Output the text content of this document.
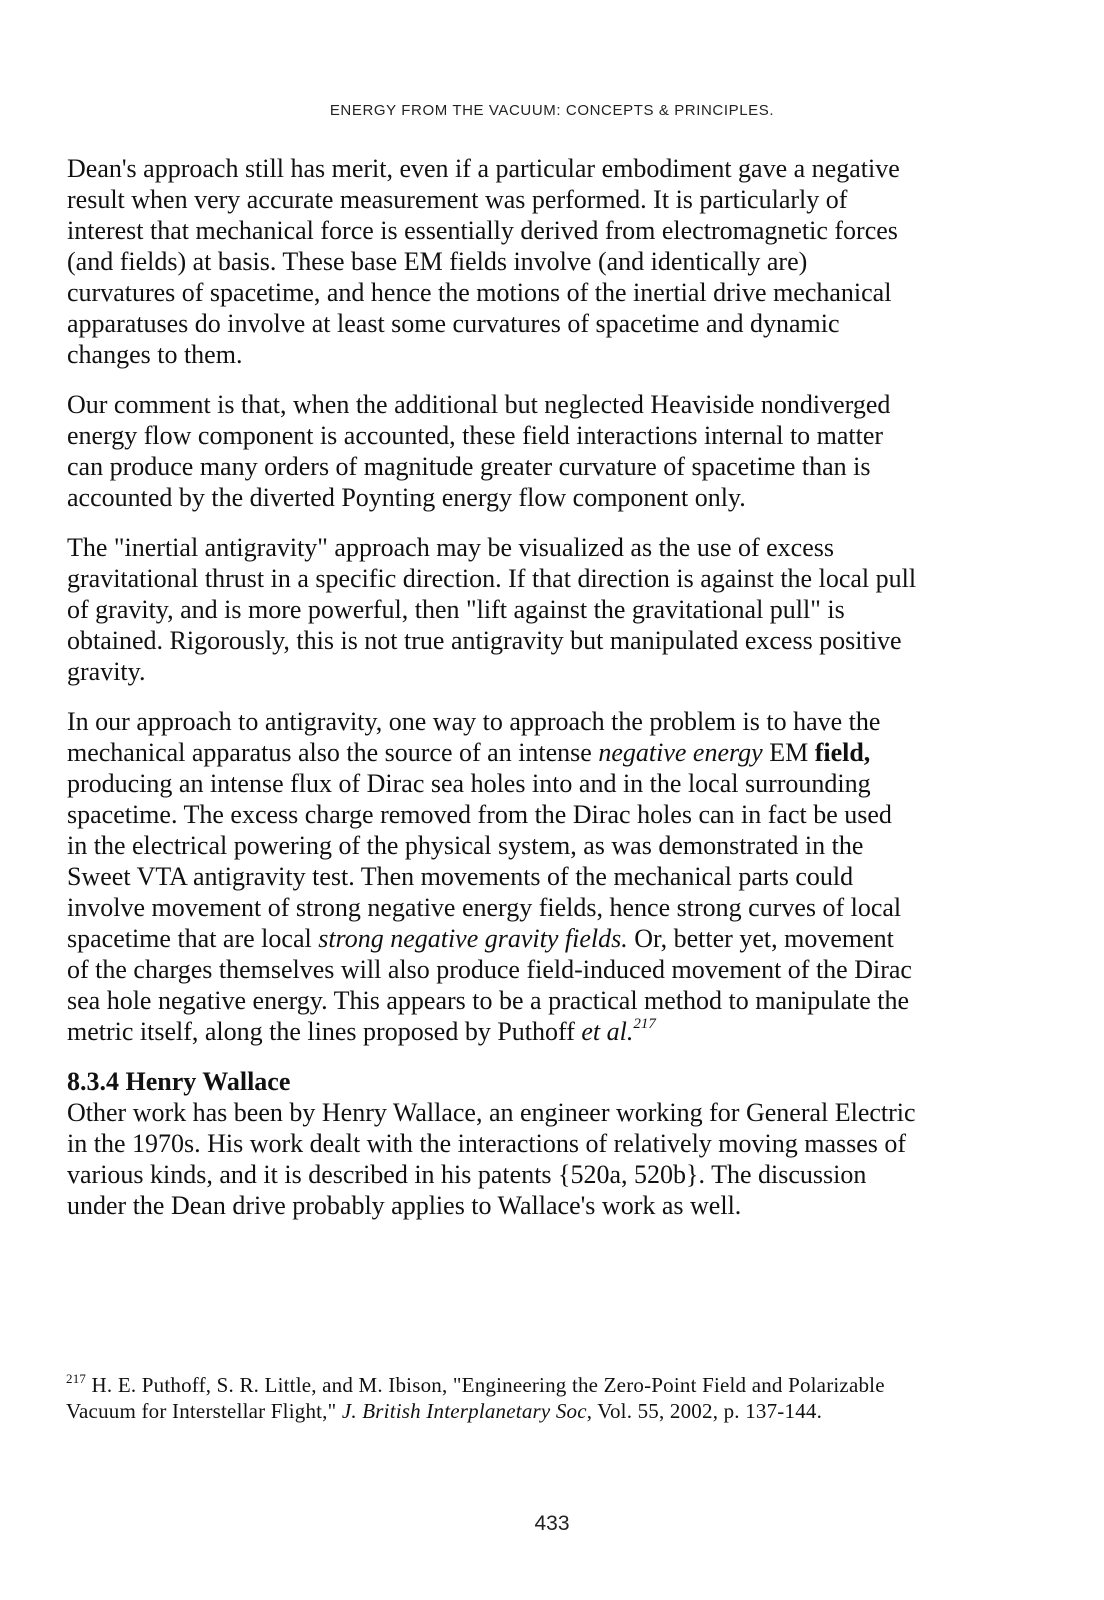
ENERGY FROM THE VACUUM: CONCEPTS & PRINCIPLES.

Dean's approach still has merit, even if a particular embodiment gave a negative result when very accurate measurement was performed. It is particularly of interest that mechanical force is essentially derived from electromagnetic forces (and fields) at basis. These base EM fields involve (and identically are) curvatures of spacetime, and hence the motions of the inertial drive mechanical apparatuses do involve at least some curvatures of spacetime and dynamic changes to them.

Our comment is that, when the additional but neglected Heaviside nondiverged energy flow component is accounted, these field interactions internal to matter can produce many orders of magnitude greater curvature of spacetime than is accounted by the diverted Poynting energy flow component only.

The "inertial antigravity" approach may be visualized as the use of excess gravitational thrust in a specific direction. If that direction is against the local pull of gravity, and is more powerful, then "lift against the gravitational pull" is obtained. Rigorously, this is not true antigravity but manipulated excess positive gravity.

In our approach to antigravity, one way to approach the problem is to have the mechanical apparatus also the source of an intense negative energy EM field, producing an intense flux of Dirac sea holes into and in the local surrounding spacetime. The excess charge removed from the Dirac holes can in fact be used in the electrical powering of the physical system, as was demonstrated in the Sweet VTA antigravity test. Then movements of the mechanical parts could involve movement of strong negative energy fields, hence strong curves of local spacetime that are local strong negative gravity fields. Or, better yet, movement of the charges themselves will also produce field-induced movement of the Dirac sea hole negative energy. This appears to be a practical method to manipulate the metric itself, along the lines proposed by Puthoff et al.$^{217}$

8.3.4 Henry Wallace

Other work has been by Henry Wallace, an engineer working for General Electric in the 1970s. His work dealt with the interactions of relatively moving masses of various kinds, and it is described in his patents {520a, 520b}. The discussion under the Dean drive probably applies to Wallace's work as well.

$^{217}$ H. E. Puthoff, S. R. Little, and M. Ibison, "Engineering the Zero-Point Field and Polarizable Vacuum for Interstellar Flight," J. British Interplanetary Soc, Vol. 55, 2002, p. 137-144.
433
